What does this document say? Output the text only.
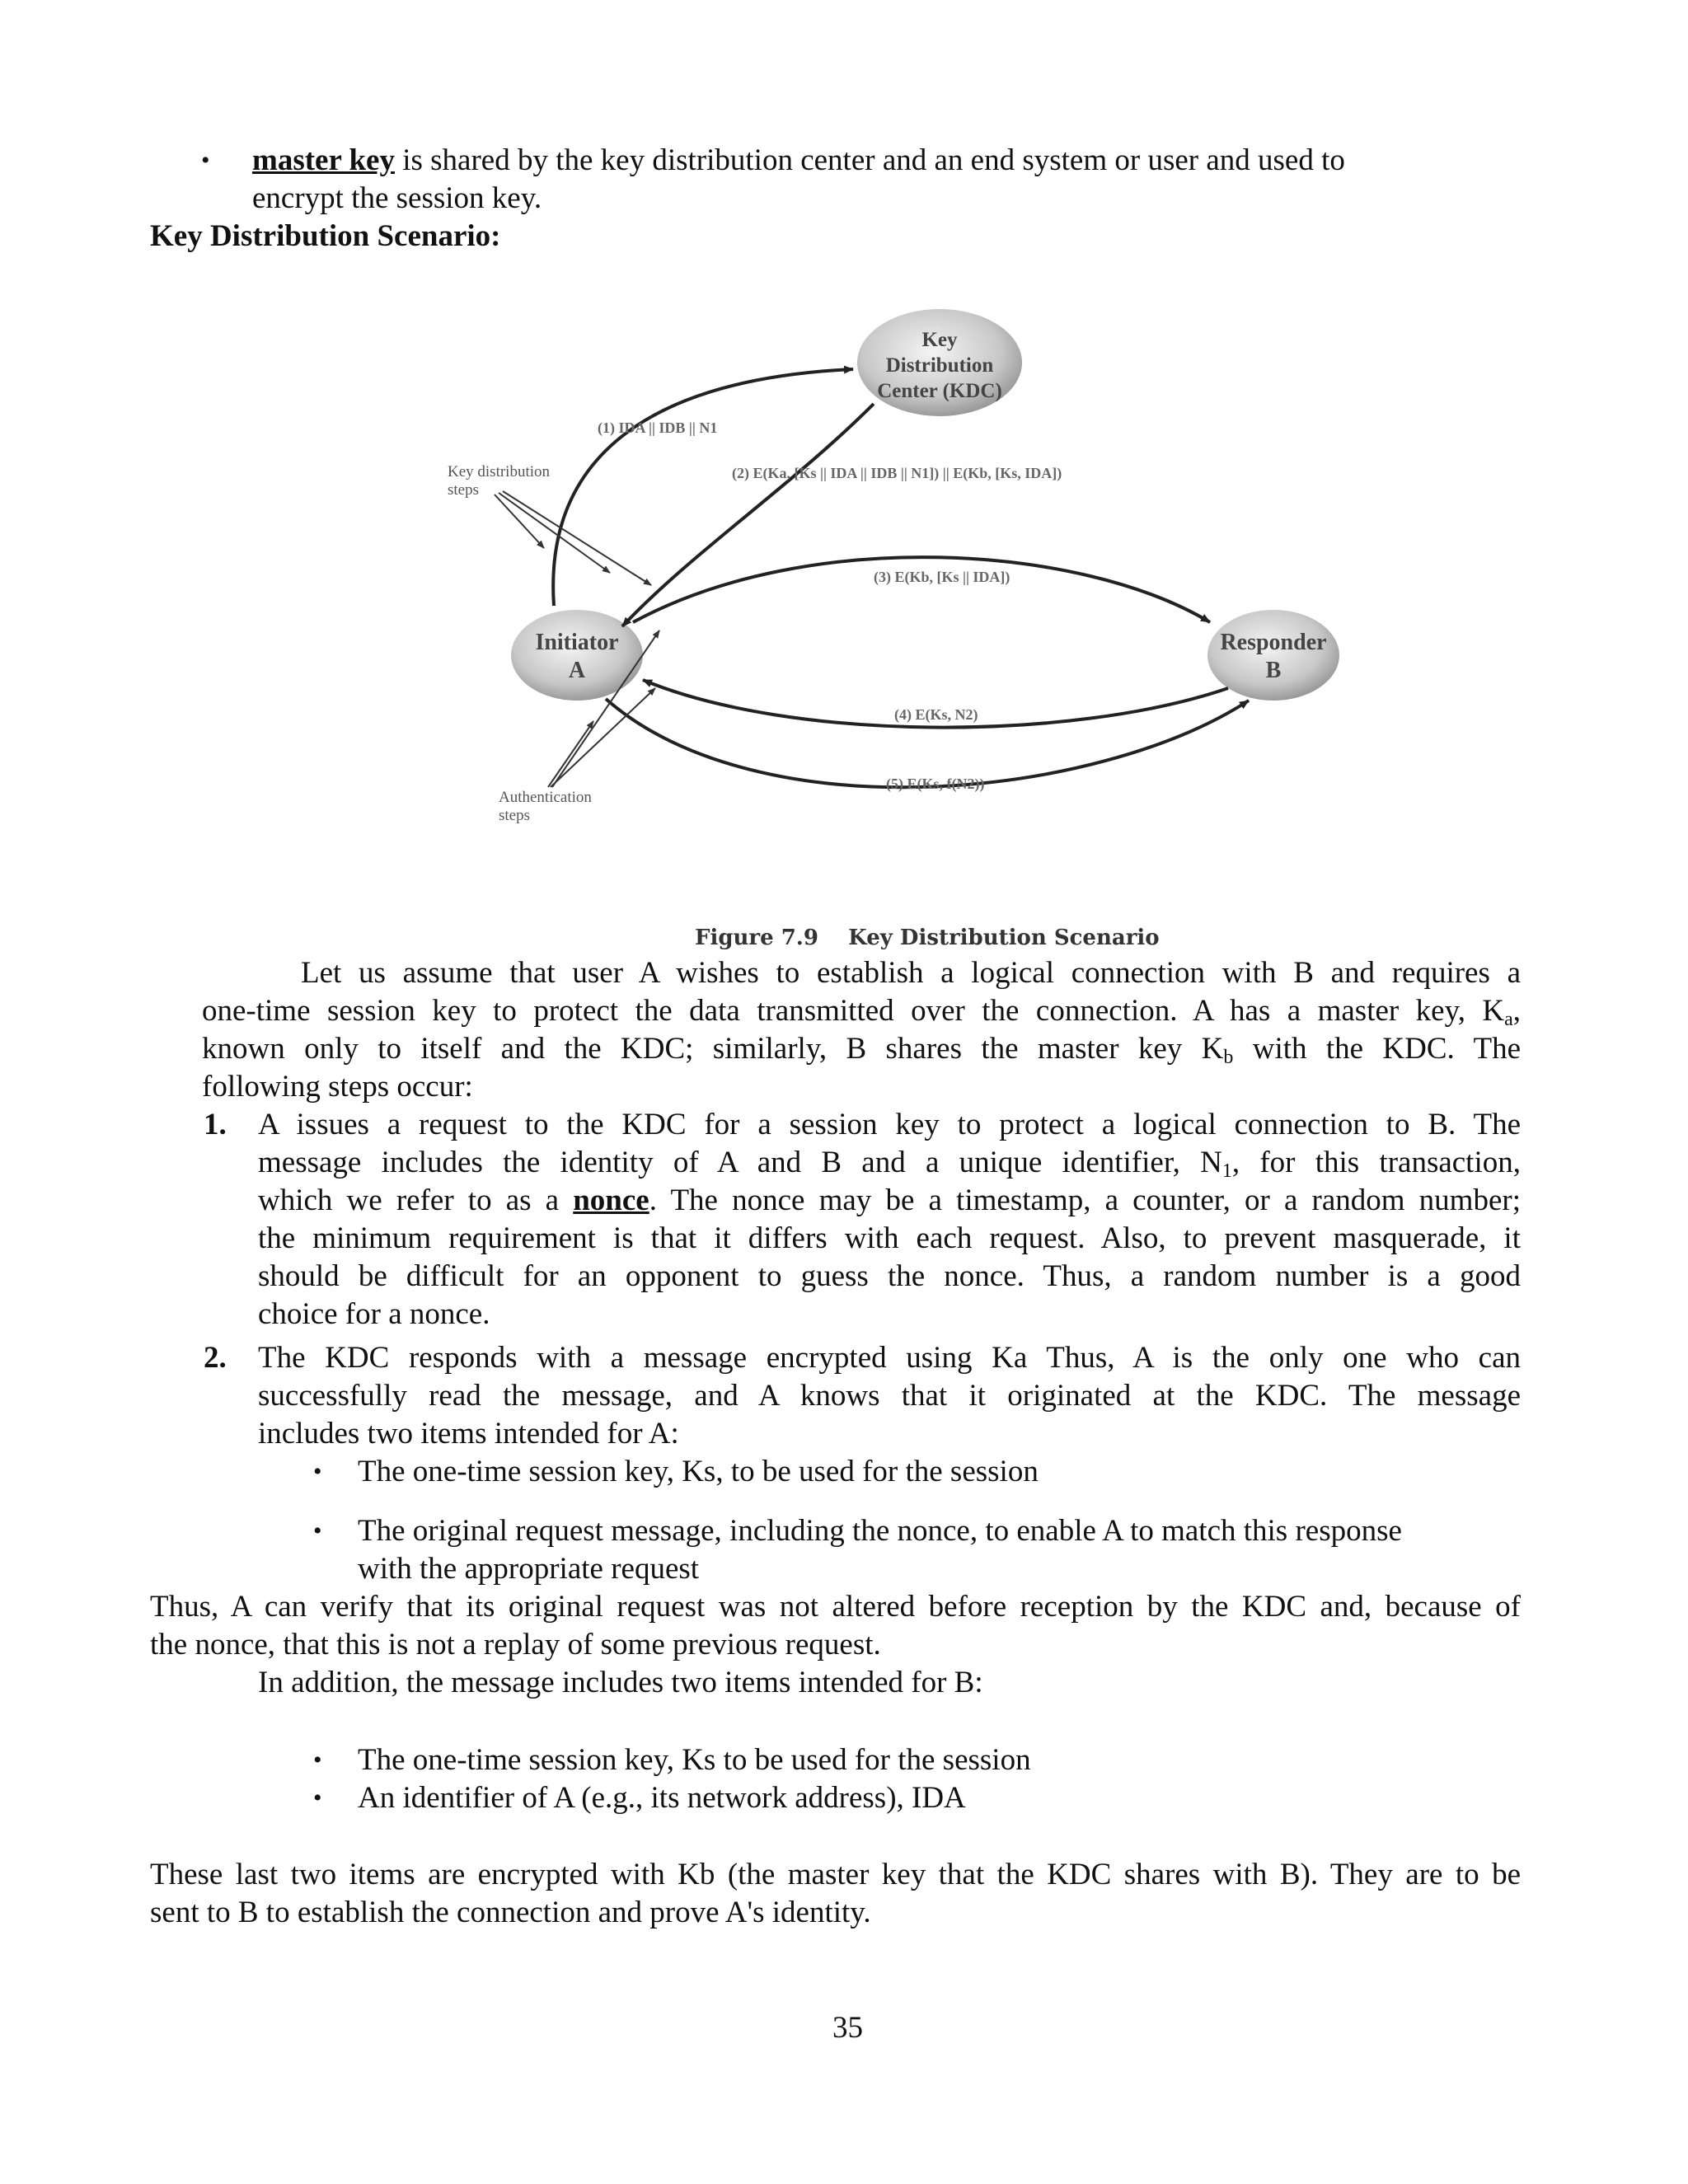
• master key is shared by the key distribution center and an end system or user and used to
encrypt the session key.
Key Distribution Scenario:
Key
Distribution
Center (KDC)
Initiator
A
Responder
B
Key distribution
steps
Authentication
steps
(1) IDA || IDB || N1
(2) E(Ka, [Ks || IDA || IDB || N1]) || E(Kb, [Ks, IDA])
(3) E(Kb, [Ks || IDA])
(4) E(Ks, N2)
(5) E(Ks, f(N2))
Figure 7.9 Key Distribution Scenario
Let us assume that user A wishes to establish a logical connection with B and requires a
one-time session key to protect the data transmitted over the connection. A has a master key, $K_a$,
known only to itself and the KDC; similarly, B shares the master key $K_b$ with the KDC. The
following steps occur:
1. A issues a request to the KDC for a session key to protect a logical connection to B. The
message includes the identity of A and B and a unique identifier, $N_1$, for this transaction,
which we refer to as a nonce. The nonce may be a timestamp, a counter, or a random number;
the minimum requirement is that it differs with each request. Also, to prevent masquerade, it
should be difficult for an opponent to guess the nonce. Thus, a random number is a good
choice for a nonce.
2. The KDC responds with a message encrypted using Ka Thus, A is the only one who can
successfully read the message, and A knows that it originated at the KDC. The message
includes two items intended for A:
• The one-time session key, Ks, to be used for the session
• The original request message, including the nonce, to enable A to match this response
with the appropriate request
Thus, A can verify that its original request was not altered before reception by the KDC and, because of
the nonce, that this is not a replay of some previous request.
In addition, the message includes two items intended for B:
• The one-time session key, Ks to be used for the session
• An identifier of A (e.g., its network address), IDA
These last two items are encrypted with Kb (the master key that the KDC shares with B). They are to be
sent to B to establish the connection and prove A's identity.
35
